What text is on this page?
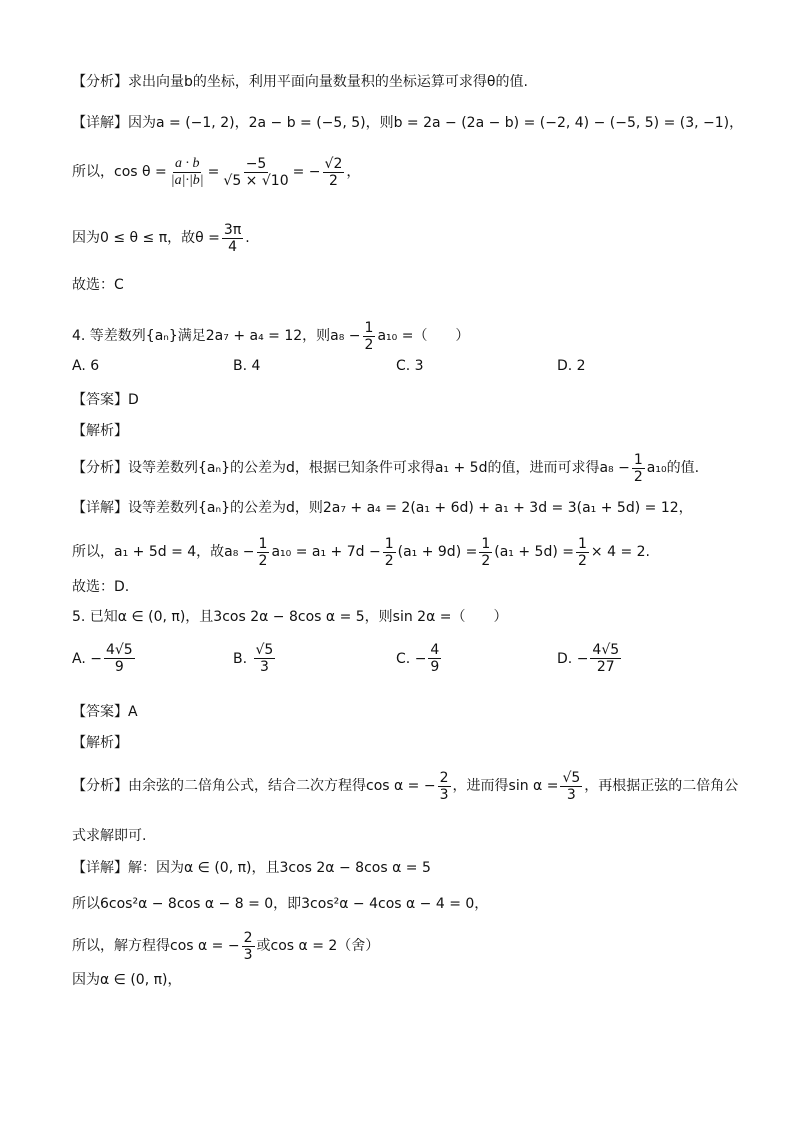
【分析】求出向量b的坐标，利用平面向量数量积的坐标运算可求得θ的值.
【详解】因为a = (−1, 2)，2a − b = (−5, 5)，则b = 2a − (2a − b) = (−2, 4) − (−5, 5) = (3, −1)，
所以，$\cos \theta = \frac{a \cdot b}{|a|\cdot|b|} = \frac{-5}{√5 \times √10}$ = − $\frac{√2}{2}$ ，
因为0 ≤ θ ≤ π，故$\theta = \frac{3\pi}{4}$ .
故选：C
4. 等差数列{aₙ}满足2a₇ + a₄ = 12，则$a_8 - \frac{1}{2} a_{10}$ =（　　）
A. 6	B. 4	C. 3	D. 2
【答案】D
【解析】
【分析】设等差数列{aₙ}的公差为d，根据已知条件可求得a₁ + 5d的值，进而可求得$a_8 - \frac{1}{2} a_{10}$的值.
【详解】设等差数列{aₙ}的公差为d，则2a₇ + a₄ = 2(a₁ + 6d) + a₁ + 3d = 3(a₁ + 5d) = 12，
所以，a₁ + 5d = 4，故$a_8 - \frac{1}{2} a_{10} = a_1 + 7d - \frac{1}{2} (a_1 + 9d) = \frac{1}{2} (a_1 + 5d) = \frac{1}{2} \times 4 = 2$.
故选：D.
5. 已知α ∈ (0, π)，且3cos 2α − 8cos α = 5，则sin 2α =（　　）
A.
− $\frac{4√5}{9}$	B.
$\frac{√5}{3}$	C.
− $\frac{4}{9}$	D.
− $\frac{4√5}{27}$
【答案】A
【解析】
【分析】由余弦的二倍角公式，结合二次方程得cos α = − $\frac{2}{3}$ ，进而得$\sin \alpha = \frac{√5}{3}$ ，再根据正弦的二倍角公
式求解即可.
【详解】解：因为α ∈ (0, π)，且3cos 2α − 8cos α = 5
所以6cos²α − 8cos α − 8 = 0，即3cos²α − 4cos α − 4 = 0，
所以，解方程得cos α = − $\frac{2}{3}$ 或cos α = 2（舍）
因为α ∈ (0, π)，
